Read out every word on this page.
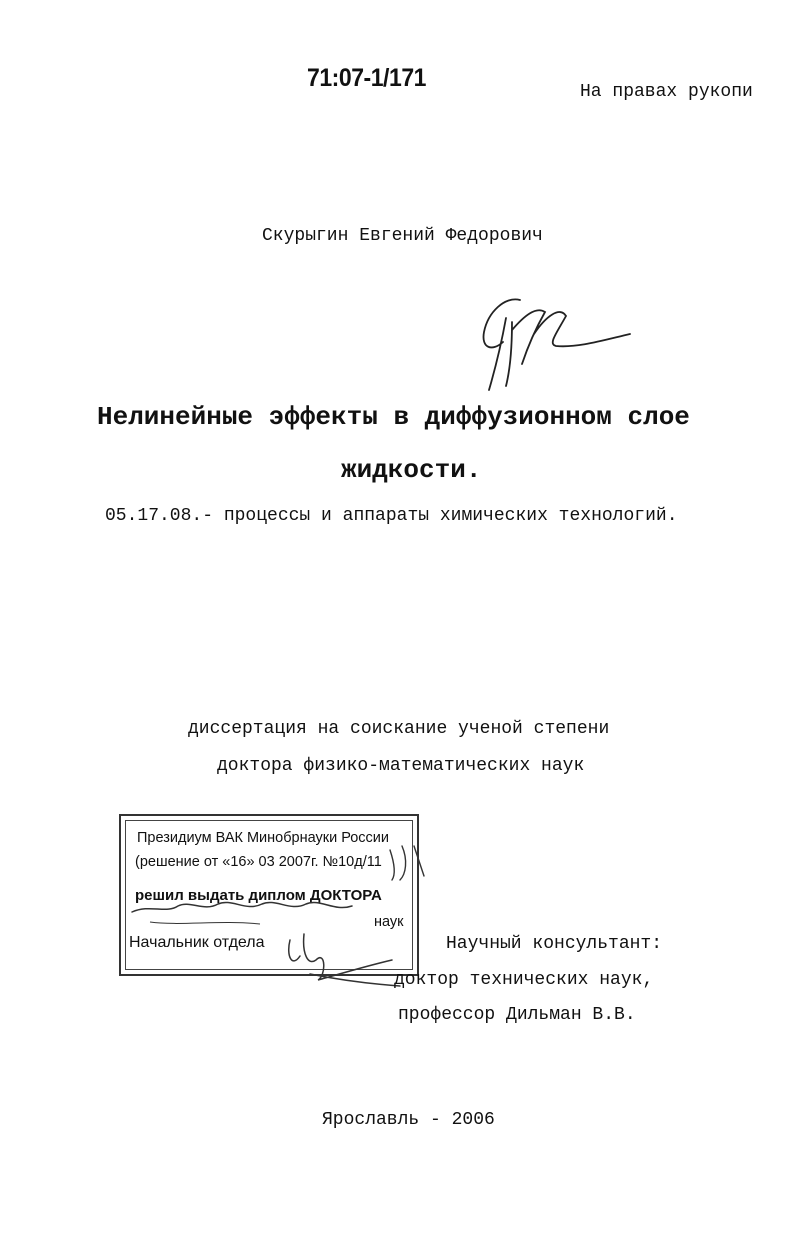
71:07-1/171	На правах рукопи
Скурыгин Евгений Федорович
Нелинейные эффекты в диффузионном слое
жидкости.
05.17.08.- процессы и аппараты химических технологий.
диссертация на соискание ученой степени
доктора физико-математических наук
Президиум ВАК Минобрнауки России
(решение от «16» 03 2007г. №10д/11
решил выдать диплом ДОКТОРА
наук
Начальник отдела	Научный консультант:
доктор технических наук,
профессор Дильман В.В.
Ярославль - 2006
